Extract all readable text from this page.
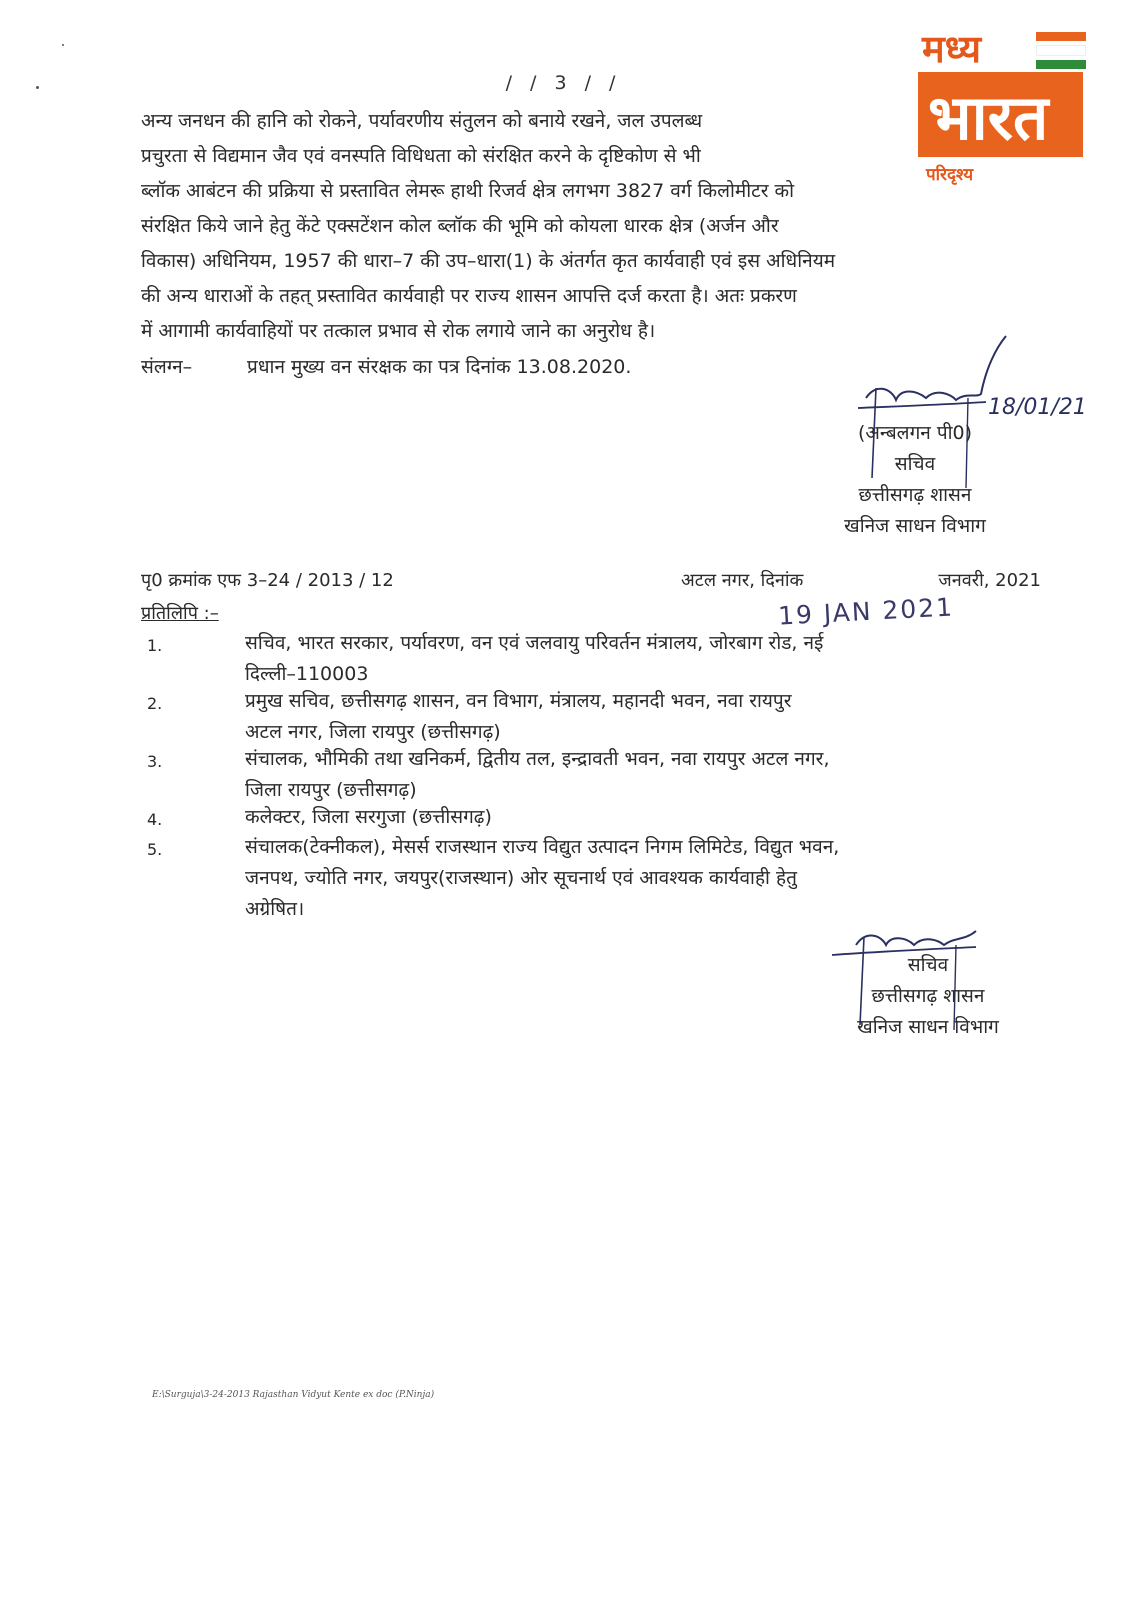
/ / 3 / /
अन्य जनधन की हानि को रोकने, पर्यावरणीय संतुलन को बनाये रखने, जल उपलब्ध
प्रचुरता से विद्यमान जैव एवं वनस्पति विधिधता को संरक्षित करने के दृष्टिकोण से भी
ब्लॉक आबंटन की प्रक्रिया से प्रस्तावित लेमरू हाथी रिजर्व क्षेत्र लगभग 3827 वर्ग किलोमीटर को
संरक्षित किये जाने हेतु केंटे एक्सटेंशन कोल ब्लॉक की भूमि को कोयला धारक क्षेत्र (अर्जन और
विकास) अधिनियम, 1957 की धारा–7 की उप–धारा(1) के अंतर्गत कृत कार्यवाही एवं इस अधिनियम
की अन्य धाराओं के तहत् प्रस्तावित कार्यवाही पर राज्य शासन आपत्ति दर्ज करता है। अतः प्रकरण
में आगामी कार्यवाहियों पर तत्काल प्रभाव से रोक लगाये जाने का अनुरोध है।
संलग्न–	प्रधान मुख्य वन संरक्षक का पत्र दिनांक 13.08.2020.
18/01/21
(अन्बलगन पी0)
सचिव
छत्तीसगढ़ शासन
खनिज साधन विभाग
पृ0 क्रमांक एफ 3–24 / 2013 / 12	अटल नगर, दिनांक	जनवरी, 2021
प्रतिलिपि :–	19 JAN 2021
1.	सचिव, भारत सरकार, पर्यावरण, वन एवं जलवायु परिवर्तन मंत्रालय, जोरबाग रोड, नई
दिल्ली–110003
2.	प्रमुख सचिव, छत्तीसगढ़ शासन, वन विभाग, मंत्रालय, महानदी भवन, नवा रायपुर
अटल नगर, जिला रायपुर (छत्तीसगढ़)
3.	संचालक, भौमिकी तथा खनिकर्म, द्वितीय तल, इन्द्रावती भवन, नवा रायपुर अटल नगर,
जिला रायपुर (छत्तीसगढ़)
4.	कलेक्टर, जिला सरगुजा (छत्तीसगढ़)
5.	संचालक(टेक्नीकल), मेसर्स राजस्थान राज्य विद्युत उत्पादन निगम लिमिटेड, विद्युत भवन,
जनपथ, ज्योति नगर, जयपुर(राजस्थान) ओर सूचनार्थ एवं आवश्यक कार्यवाही हेतु
अग्रेषित।
सचिव
छत्तीसगढ़ शासन
खनिज साधन विभाग
E:\Surguja\3-24-2013 Rajasthan Vidyut Kente ex doc (P.Ninja)
मध्य
भारत
परिदृश्य
